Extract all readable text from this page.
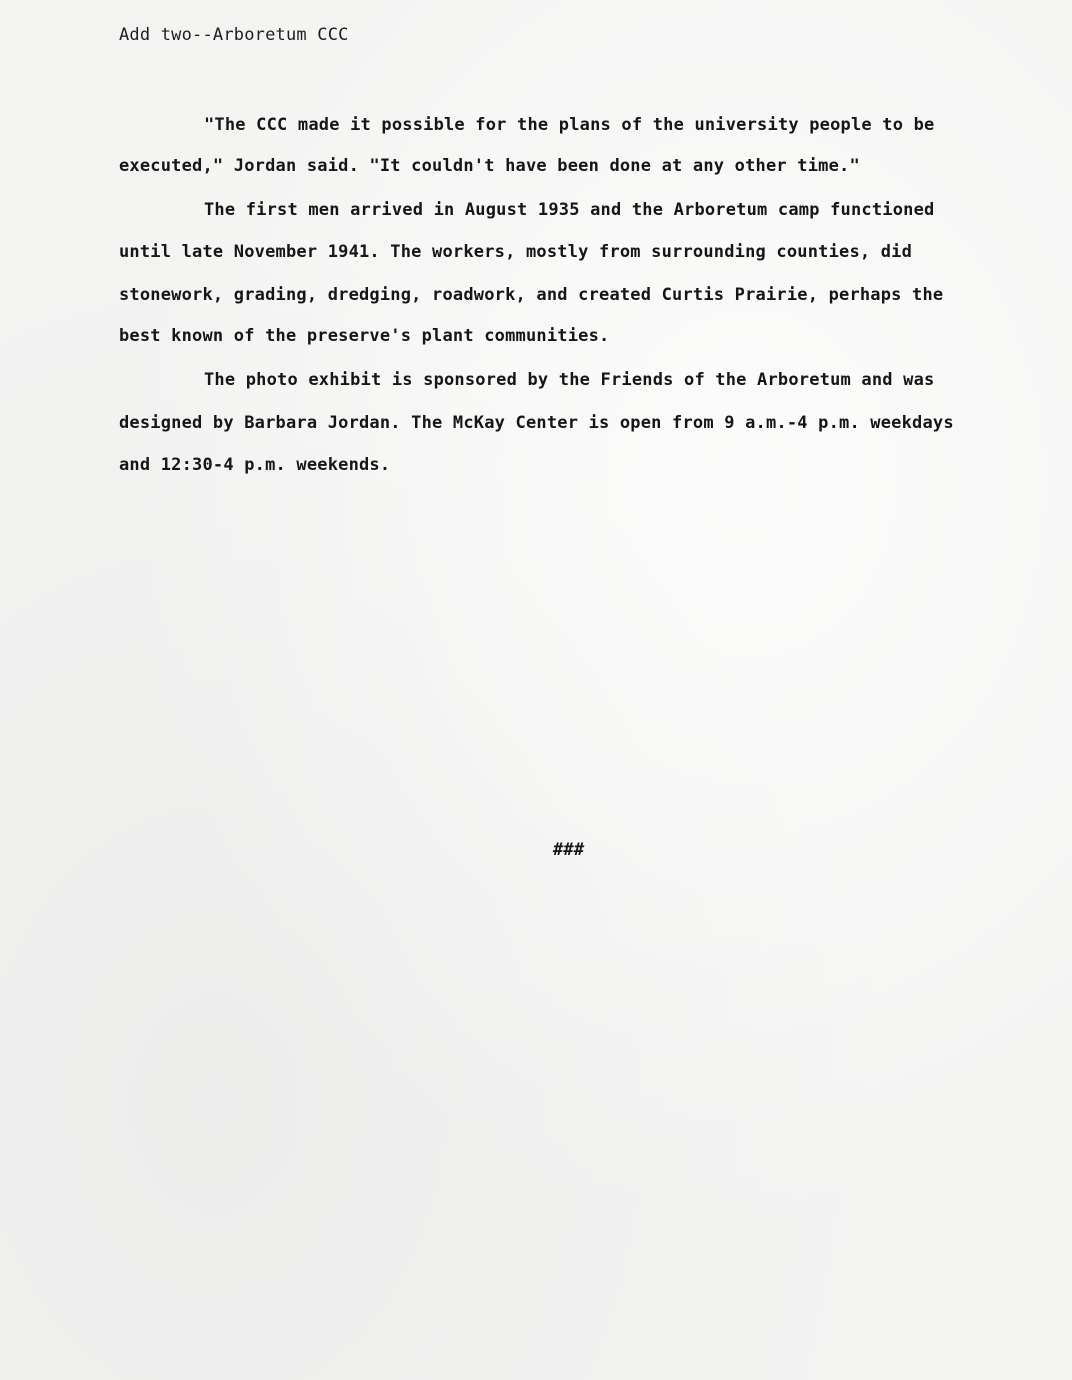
Add two--Arboretum CCC
"The CCC made it possible for the plans of the university people to be
executed," Jordan said. "It couldn't have been done at any other time."
The first men arrived in August 1935 and the Arboretum camp functioned
until late November 1941. The workers, mostly from surrounding counties, did
stonework, grading, dredging, roadwork, and created Curtis Prairie, perhaps the
best known of the preserve's plant communities.
The photo exhibit is sponsored by the Friends of the Arboretum and was
designed by Barbara Jordan. The McKay Center is open from 9 a.m.-4 p.m. weekdays
and 12:30-4 p.m. weekends.
###
